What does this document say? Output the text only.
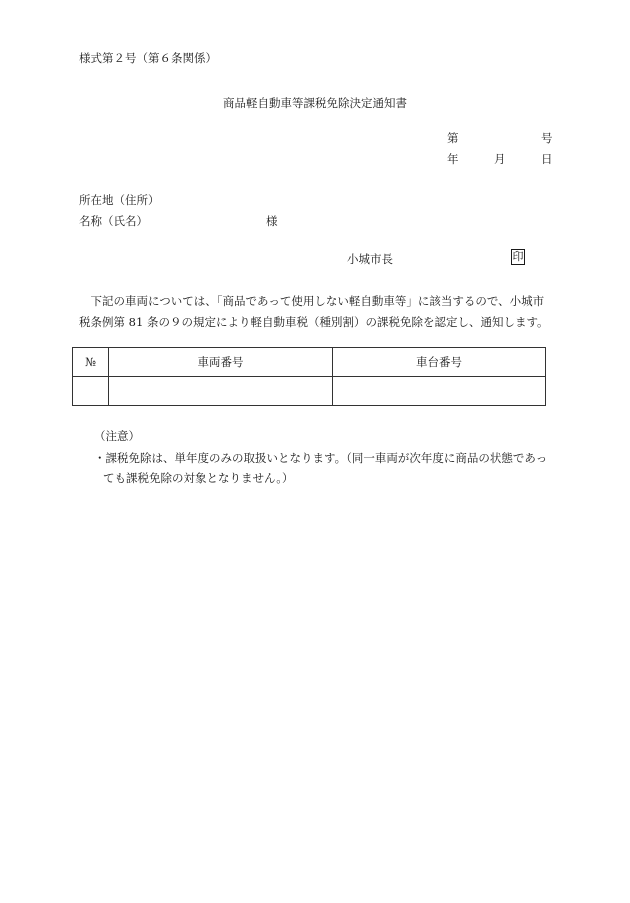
様式第２号（第６条関係）
商品軽自動車等課税免除決定通知書
第	号
年	月	日
所在地（住所）
名称（氏名）	様
小城市長	印
　下記の車両については、「商品であって使用しない軽自動車等」に該当するので、小城市
税条例第 81 条の９の規定により軽自動車税（種別割）の課税免除を認定し、通知します。
№	車両番号	車台番号

（注意）
・課税免除は、単年度のみの取扱いとなります。（同一車両が次年度に商品の状態であっ
ても課税免除の対象となりません。）
